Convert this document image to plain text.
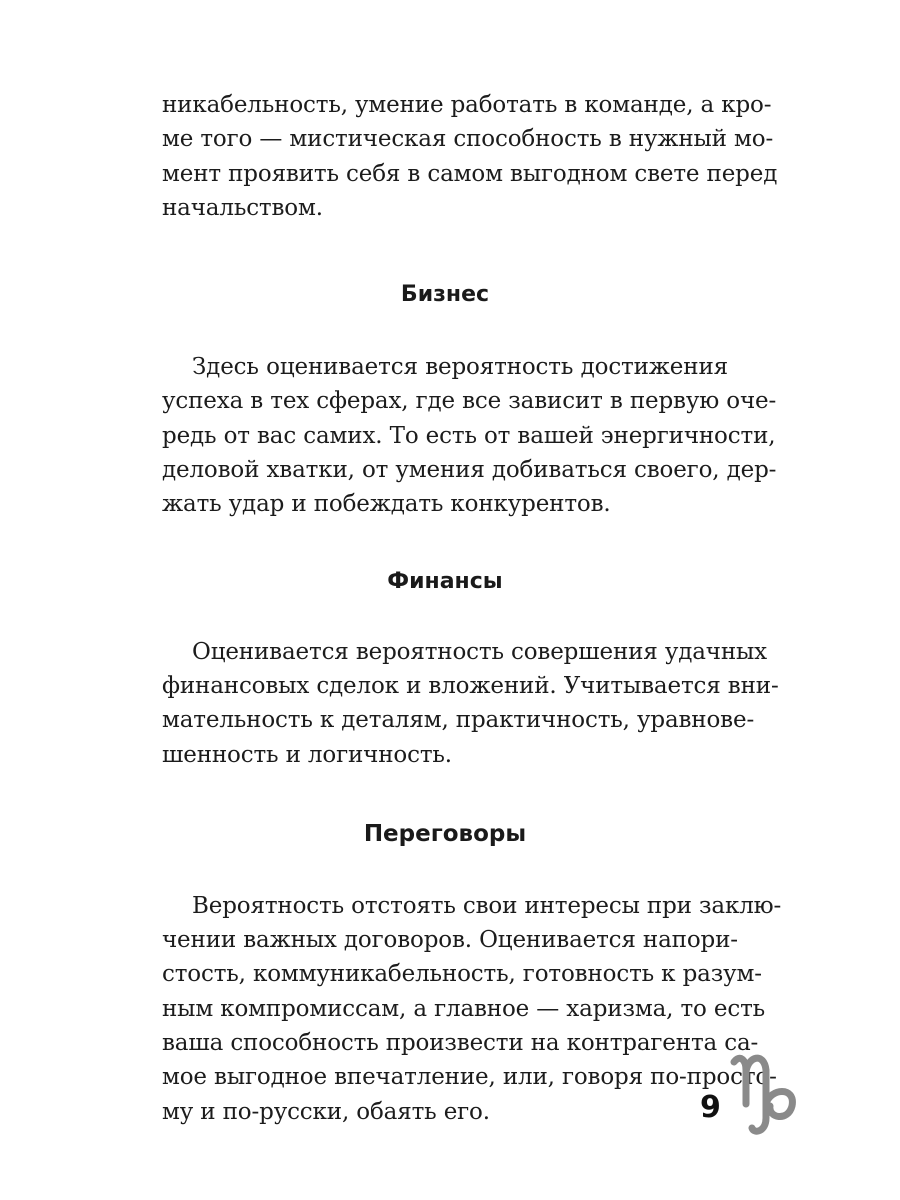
никабельность, умение работать в команде, а кро-
ме того — мистическая способность в нужный мо-
мент проявить себя в самом выгодном свете перед
начальством.

Бизнес

Здесь оценивается вероятность достижения
успеха в тех сферах, где все зависит в первую оче-
редь от вас самих. То есть от вашей энергичности,
деловой хватки, от умения добиваться своего, дер-
жать удар и побеждать конкурентов.

Финансы

Оценивается вероятность совершения удачных
финансовых сделок и вложений. Учитывается вни-
мательность к деталям, практичность, уравнове-
шенность и логичность.

Переговоры

Вероятность отстоять свои интересы при заклю-
чении важных договоров. Оценивается напори-
стость, коммуникабельность, готовность к разум-
ным компромиссам, а главное — харизма, то есть
ваша способность произвести на контрагента са-
мое выгодное впечатление, или, говоря по-просто-
му и по-русски, обаять его.	9
